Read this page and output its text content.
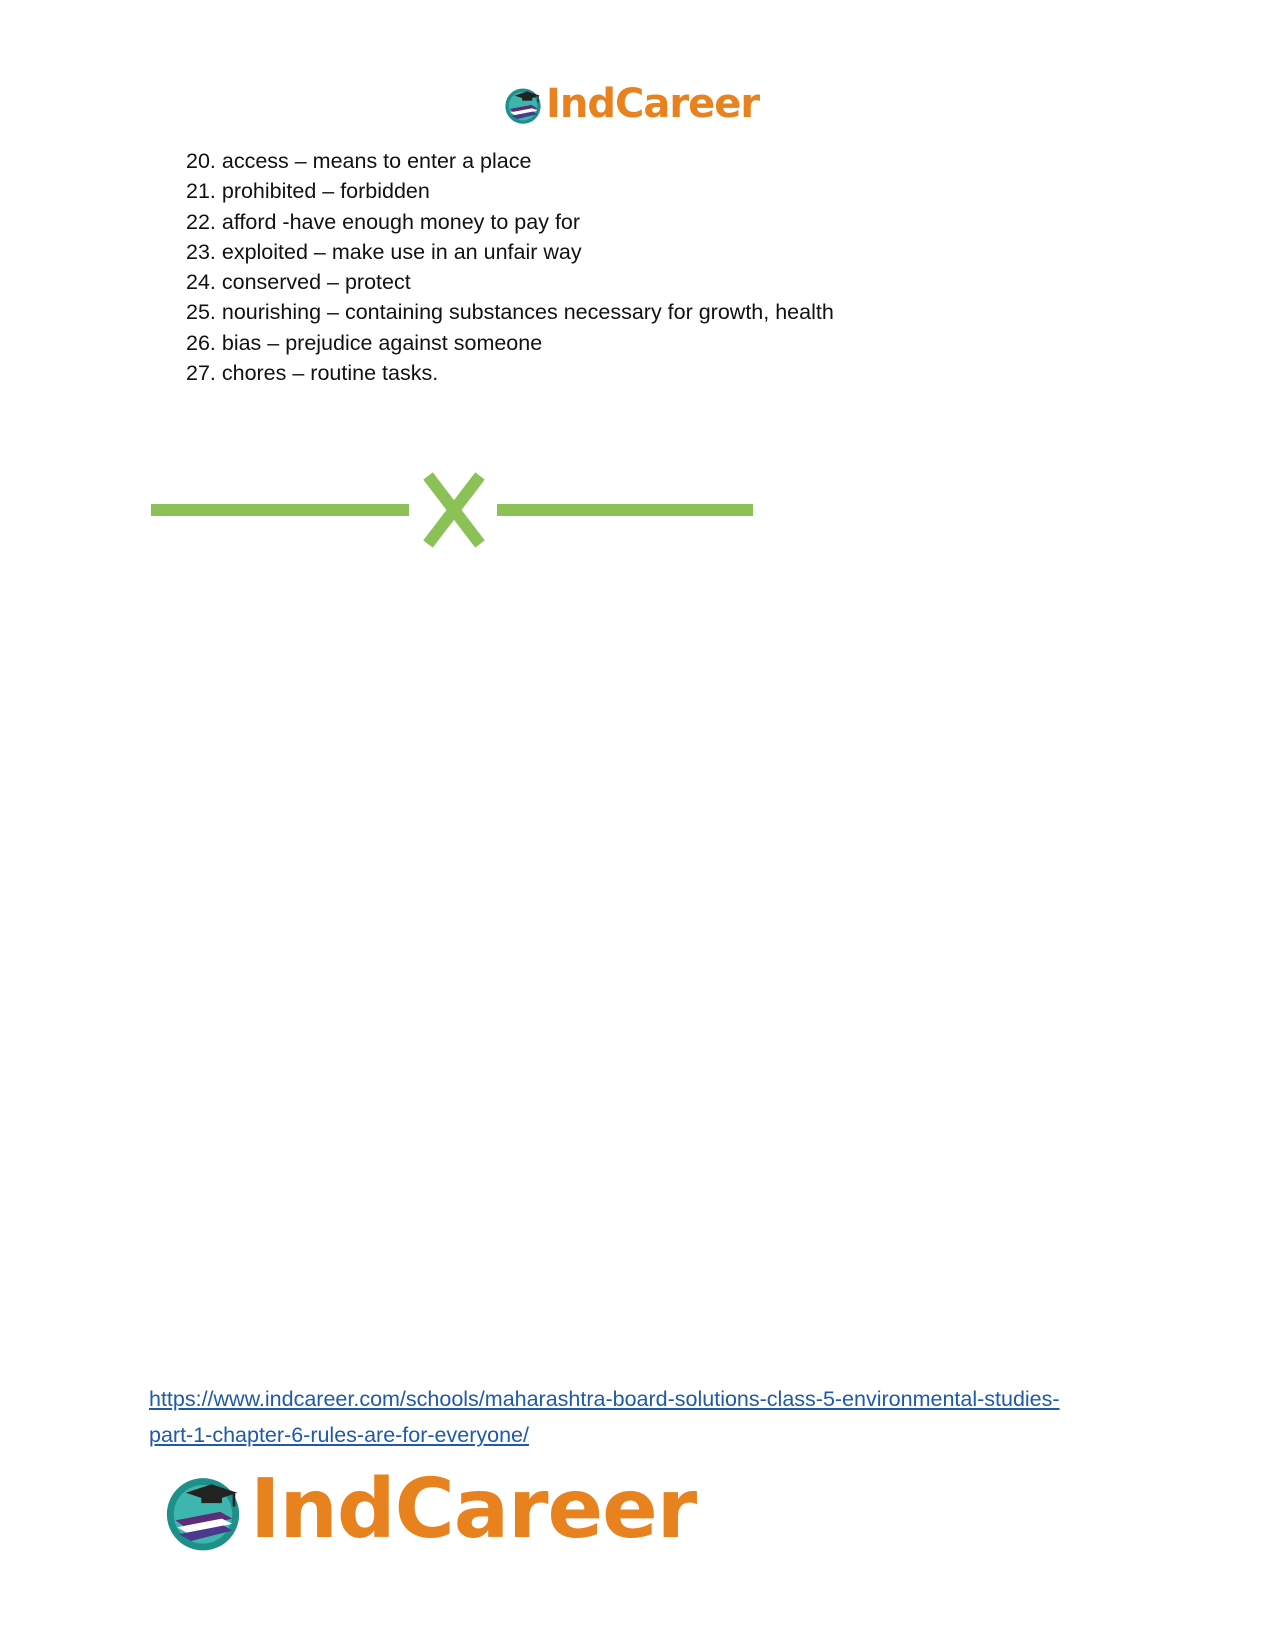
IndCareer
20. access – means to enter a place
21. prohibited – forbidden
22. afford -have enough money to pay for
23. exploited – make use in an unfair way
24. conserved – protect
25. nourishing – containing substances necessary for growth, health
26. bias – prejudice against someone
27. chores – routine tasks.
https://www.indcareer.com/schools/maharashtra-board-solutions-class-5-environmental-studies-
part-1-chapter-6-rules-are-for-everyone/
IndCareer
